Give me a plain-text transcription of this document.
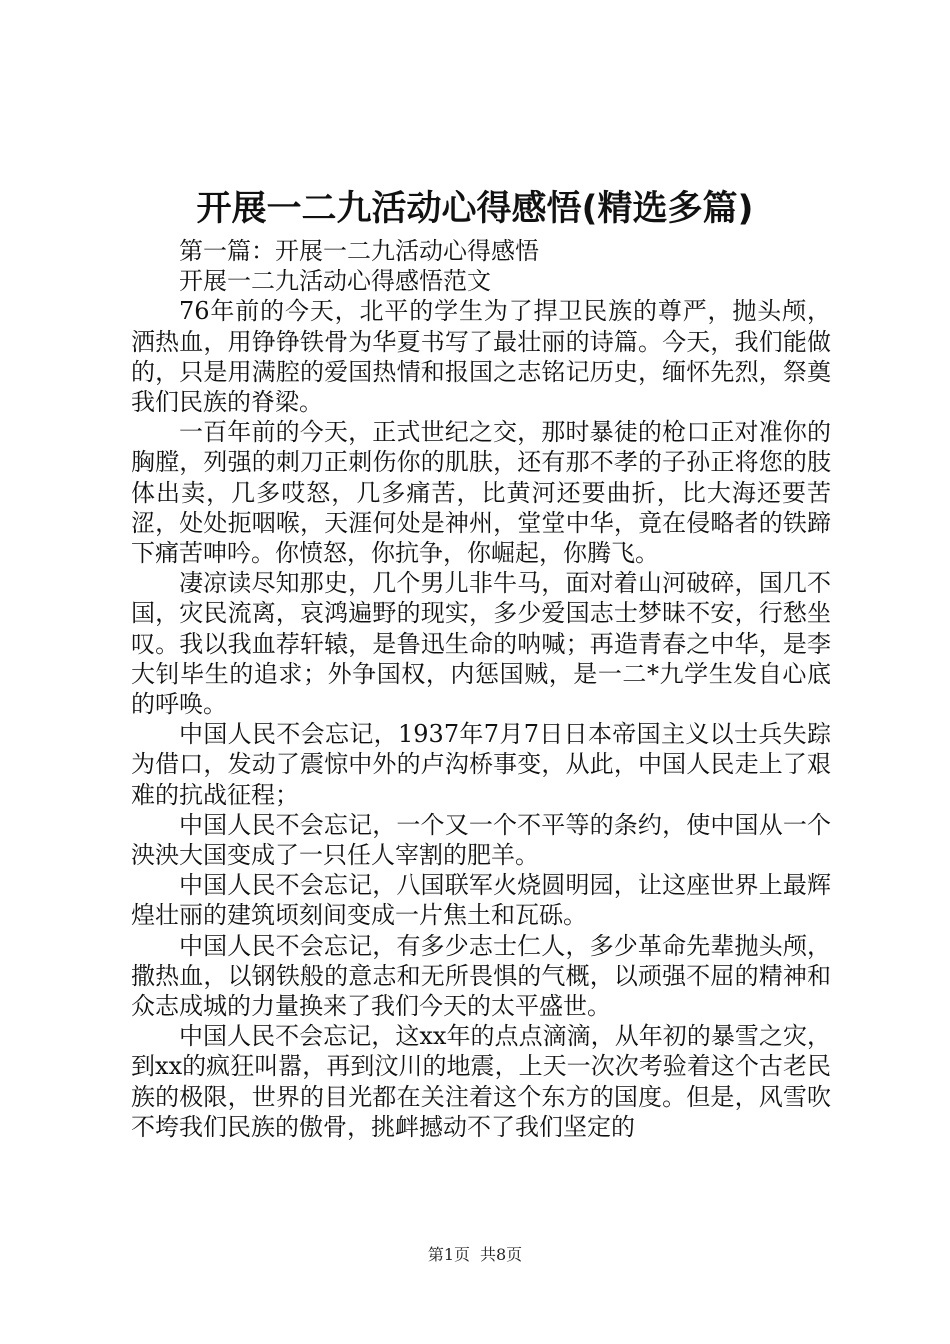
开展一二九活动心得感悟(精选多篇)

第一篇：开展一二九活动心得感悟

开展一二九活动心得感悟范文

76年前的今天，北平的学生为了捍卫民族的尊严，抛头颅，洒热血，用铮铮铁骨为华夏书写了最壮丽的诗篇。今天，我们能做的，只是用满腔的爱国热情和报国之志铭记历史，缅怀先烈，祭奠我们民族的脊梁。

一百年前的今天，正式世纪之交，那时暴徒的枪口正对准你的胸膛，列强的刺刀正刺伤你的肌肤，还有那不孝的子孙正将您的肢体出卖，几多哎怒，几多痛苦，比黄河还要曲折，比大海还要苦涩，处处扼咽喉，天涯何处是神州，堂堂中华，竟在侵略者的铁蹄下痛苦呻吟。你愤怒，你抗争，你崛起，你腾飞。

凄凉读尽知那史，几个男儿非牛马，面对着山河破碎，国几不国，灾民流离，哀鸿遍野的现实，多少爱国志士梦昧不安，行愁坐叹。我以我血荐轩辕，是鲁迅生命的呐喊；再造青春之中华，是李大钊毕生的追求；外争国权，内惩国贼，是一二*九学生发自心底的呼唤。

中国人民不会忘记，1937年7月7日日本帝国主义以士兵失踪为借口，发动了震惊中外的卢沟桥事变，从此，中国人民走上了艰难的抗战征程；

中国人民不会忘记，一个又一个不平等的条约，使中国从一个泱泱大国变成了一只任人宰割的肥羊。

中国人民不会忘记，八国联军火烧圆明园，让这座世界上最辉煌壮丽的建筑顷刻间变成一片焦土和瓦砾。

中国人民不会忘记，有多少志士仁人，多少革命先辈抛头颅，撒热血，以钢铁般的意志和无所畏惧的气概，以顽强不屈的精神和众志成城的力量换来了我们今天的太平盛世。

中国人民不会忘记，这xx年的点点滴滴，从年初的暴雪之灾，到xx的疯狂叫嚣，再到汶川的地震，上天一次次考验着这个古老民族的极限，世界的目光都在关注着这个东方的国度。但是，风雪吹不垮我们民族的傲骨，挑衅撼动不了我们坚定的

第1页 共8页
